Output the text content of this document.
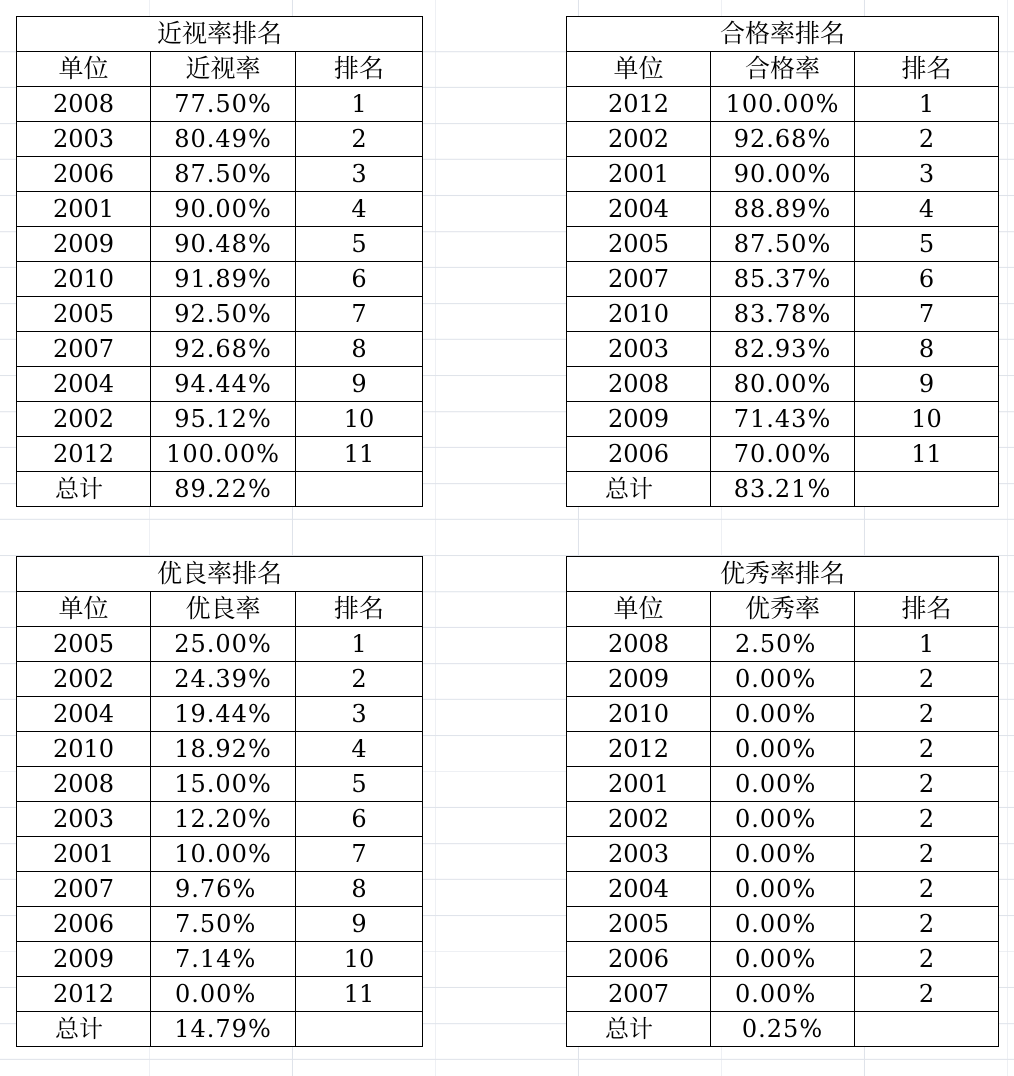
近视率排名		
单位	近视率	排名
2008	77.50%	1
2003	80.49%	2
2006	87.50%	3
2001	90.00%	4
2009	90.48%	5
2010	91.89%	6
2005	92.50%	7
2007	92.68%	8
2004	94.44%	9
2002	95.12%	10
2012	100.00%	11
总计	89.22%	
合格率排名		
单位	合格率	排名
2012	100.00%	1
2002	92.68%	2
2001	90.00%	3
2004	88.89%	4
2005	87.50%	5
2007	85.37%	6
2010	83.78%	7
2003	82.93%	8
2008	80.00%	9
2009	71.43%	10
2006	70.00%	11
总计	83.21%	
优良率排名		
单位	优良率	排名
2005	25.00%	1
2002	24.39%	2
2004	19.44%	3
2010	18.92%	4
2008	15.00%	5
2003	12.20%	6
2001	10.00%	7
2007	9.76%	8
2006	7.50%	9
2009	7.14%	10
2012	0.00%	11
总计	14.79%	
优秀率排名		
单位	优秀率	排名
2008	2.50%	1
2009	0.00%	2
2010	0.00%	2
2012	0.00%	2
2001	0.00%	2
2002	0.00%	2
2003	0.00%	2
2004	0.00%	2
2005	0.00%	2
2006	0.00%	2
2007	0.00%	2
总计	0.25%	
